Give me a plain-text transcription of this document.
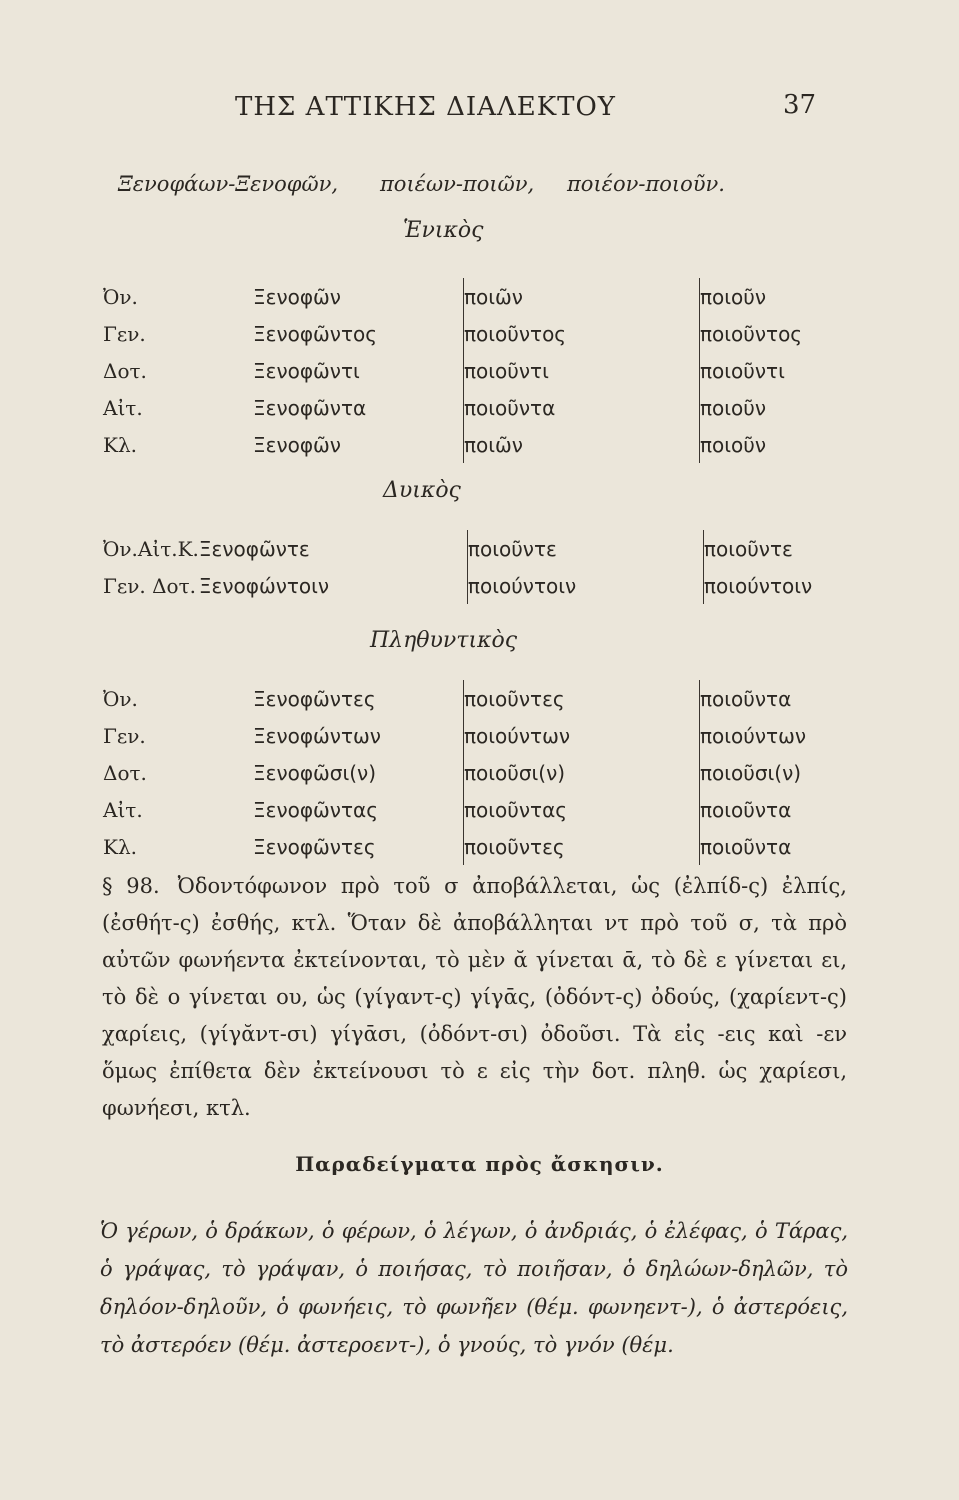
ΤΗΣ ΑΤΤΙΚΗΣ ΔΙΑΛΕΚΤΟΥ	37
Ξενοφάων-Ξενοφῶν, ποιέων-ποιῶν, ποιέον-ποιοῦν.
Ἑνικὸς
Ὀν.	Ξενοφῶν	ποιῶν	ποιοῦν
Γεν.	Ξενοφῶντος	ποιοῦντος	ποιοῦντος
Δοτ.	Ξενοφῶντι	ποιοῦντι	ποιοῦντι
Αἰτ.	Ξενοφῶντα	ποιοῦντα	ποιοῦν
Κλ.	Ξενοφῶν	ποιῶν	ποιοῦν
Δυικὸς
Ὀν.Αἰτ.Κ.	Ξενοφῶντε	ποιοῦντε	ποιοῦντε
Γεν. Δοτ.	Ξενοφώντοιν	ποιούντοιν	ποιούντοιν
Πληθυντικὸς
Ὀν.	Ξενοφῶντες	ποιοῦντες	ποιοῦντα
Γεν.	Ξενοφώντων	ποιούντων	ποιούντων
Δοτ.	Ξενοφῶσι(ν)	ποιοῦσι(ν)	ποιοῦσι(ν)
Αἰτ.	Ξενοφῶντας	ποιοῦντας	ποιοῦντα
Κλ.	Ξενοφῶντες	ποιοῦντες	ποιοῦντα
§ 98. Ὀδοντόφωνον πρὸ τοῦ σ ἀποβάλλεται, ὡς (ἐλπίδ-ς) ἐλπίς, (ἐσθήτ-ς) ἐσθής, κτλ. Ὅταν δὲ ἀποβάλληται ντ πρὸ τοῦ σ, τὰ πρὸ αὐτῶν φωνήεντα ἐκτείνονται, τὸ μὲν ᾰ γίνεται ᾱ, τὸ δὲ ε γίνεται ει, τὸ δὲ ο γίνεται ου, ὡς (γίγαντ-ς) γίγᾱς, (ὀδόντ-ς) ὀδούς, (χαρίεντ-ς) χαρίεις, (γίγᾰντ-σι) γίγᾱσι, (ὀδόντ-σι) ὀδοῦσι. Τὰ εἰς -εις καὶ -εν ὅμως ἐπίθετα δὲν ἐκτείνουσι τὸ ε εἰς τὴν δοτ. πληθ. ὡς χαρίεσι, φωνήεσι, κτλ.
Παραδείγματα πρὸς ἄσκησιν.
Ὁ γέρων, ὁ δράκων, ὁ φέρων, ὁ λέγων, ὁ ἀνδριάς, ὁ ἐλέφας, ὁ Τάρας, ὁ γράψας, τὸ γράψαν, ὁ ποιήσας, τὸ ποιῆσαν, ὁ δηλώων-δηλῶν, τὸ δηλόον-δηλοῦν, ὁ φωνήεις, τὸ φωνῆεν (θέμ. φωνηεντ-), ὁ ἀστερόεις, τὸ ἀστερόεν (θέμ. ἀστεροεντ-), ὁ γνούς, τὸ γνόν (θέμ.
